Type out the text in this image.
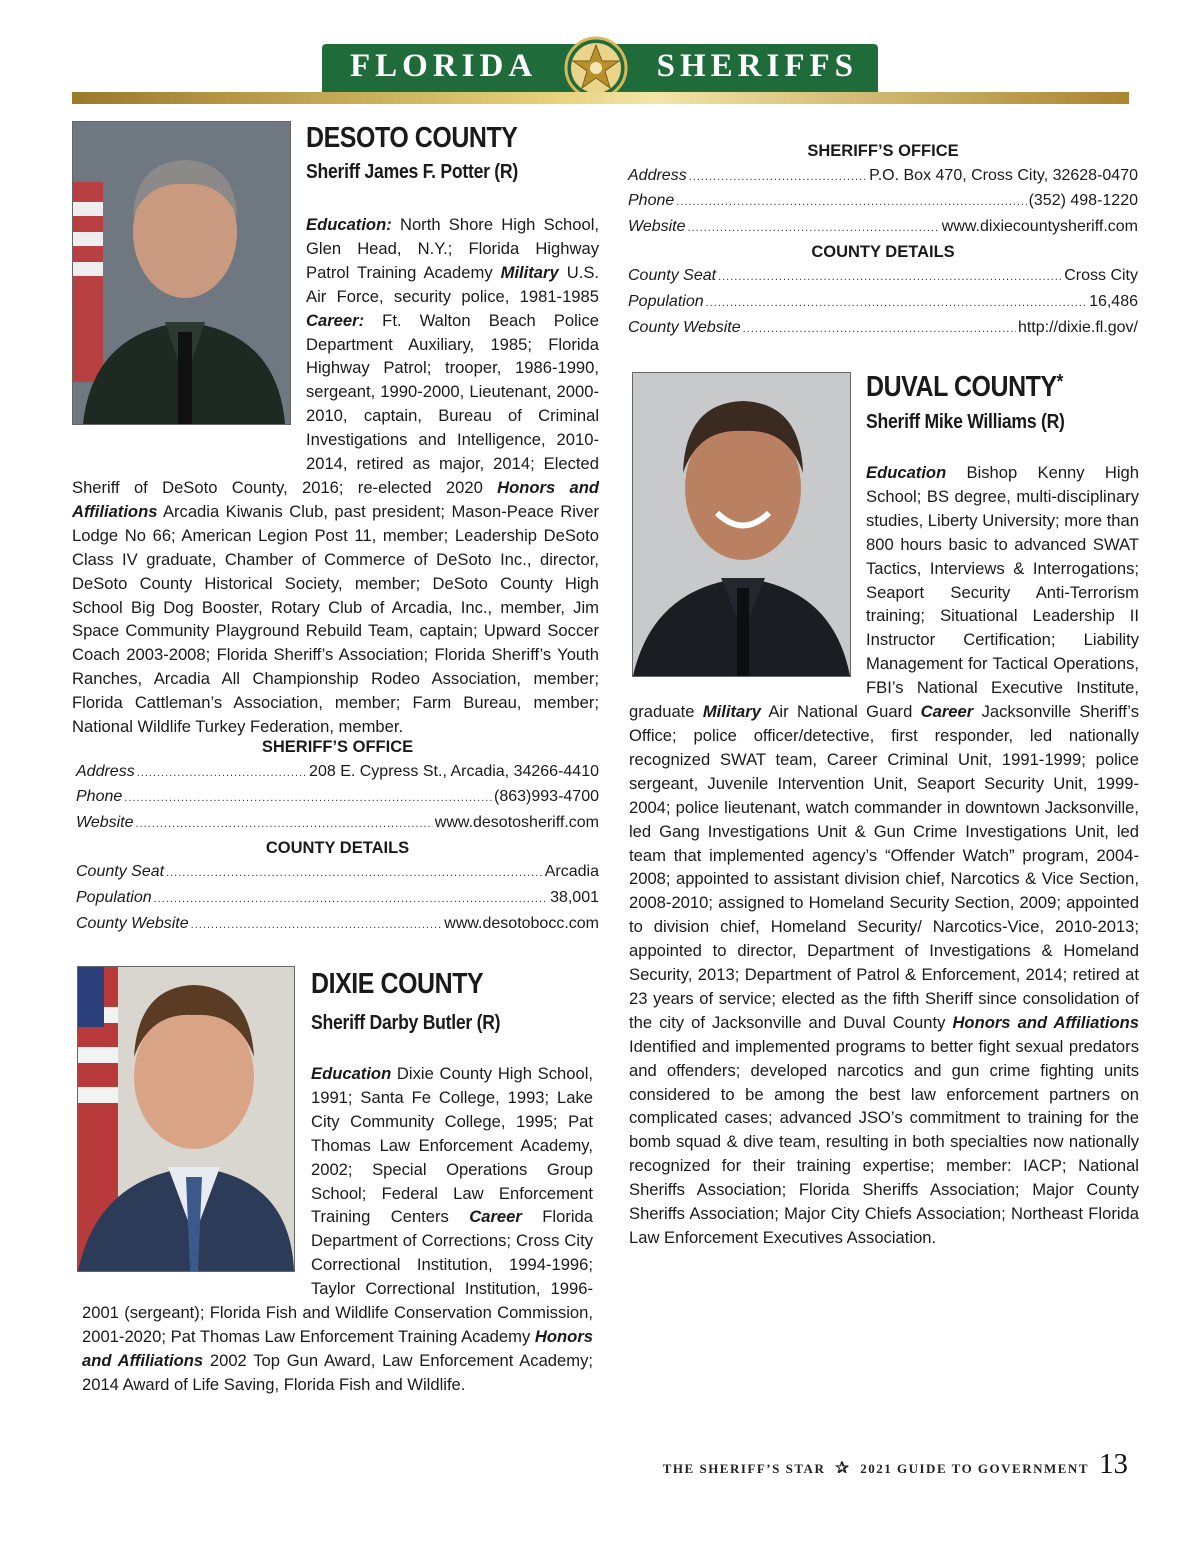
FLORIDA	SHERIFFS
DESOTO COUNTY
Sheriff James F. Potter (R)
Education: North Shore High School, Glen Head, N.Y.; Florida Highway Patrol Training Academy Military U.S. Air Force, security police, 1981-1985 Career: Ft. Walton Beach Police Department Auxiliary, 1985; Florida Highway Patrol; trooper, 1986-1990, sergeant, 1990-2000, Lieutenant, 2000-2010, captain, Bureau of Criminal Investigations and Intelligence, 2010-2014, retired as major, 2014; Elected Sheriff of DeSoto County, 2016; re-elected 2020 Honors and Affiliations Arcadia Kiwanis Club, past president; Mason-Peace River Lodge No 66; American Legion Post 11, member; Leadership DeSoto Class IV graduate, Chamber of Commerce of DeSoto Inc., director, DeSoto County Historical Society, member; DeSoto County High School Big Dog Booster, Rotary Club of Arcadia, Inc., member, Jim Space Community Playground Rebuild Team, captain; Upward Soccer Coach 2003-2008; Florida Sheriff’s Association; Florida Sheriff’s Youth Ranches, Arcadia All Championship Rodeo Association, member; Florida Cattleman’s Association, member; Farm Bureau, member; National Wildlife Turkey Federation, member.
SHERIFF’S OFFICE
Address .....	208 E. Cypress St., Arcadia, 34266-4410
Phone .....	(863)993-4700
Website .....	www.desotosheriff.com
COUNTY DETAILS
County Seat .....	Arcadia
Population .....	38,001
County Website .....	www.desotobocc.com
DIXIE COUNTY
Sheriff Darby Butler (R)
Education Dixie County High School, 1991; Santa Fe College, 1993; Lake City Community College, 1995; Pat Thomas Law Enforcement Academy, 2002; Special Operations Group School; Federal Law Enforcement Training Centers Career Florida Department of Corrections; Cross City Correctional Institution, 1994-1996; Taylor Correctional Institution, 1996-2001 (sergeant); Florida Fish and Wildlife Conservation Commission, 2001-2020; Pat Thomas Law Enforcement Training Academy Honors and Affiliations 2002 Top Gun Award, Law Enforcement Academy; 2014 Award of Life Saving, Florida Fish and Wildlife.
SHERIFF’S OFFICE
Address .....	P.O. Box 470, Cross City, 32628-0470
Phone .....	(352) 498-1220
Website .....	www.dixiecountysheriff.com
COUNTY DETAILS
County Seat .....	Cross City
Population .....	16,486
County Website .....	http://dixie.fl.gov/
DUVAL COUNTY*
Sheriff Mike Williams (R)
Education Bishop Kenny High School; BS degree, multi-disciplinary studies, Liberty University; more than 800 hours basic to advanced SWAT Tactics, Interviews & Interrogations; Seaport Security Anti-Terrorism training; Situational Leadership II Instructor Certification; Liability Management for Tactical Operations, FBI’s National Executive Institute, graduate Military Air National Guard Career Jacksonville Sheriff’s Office; police officer/detective, first responder, led nationally recognized SWAT team, Career Criminal Unit, 1991-1999; police sergeant, Juvenile Intervention Unit, Seaport Security Unit, 1999-2004; police lieutenant, watch commander in downtown Jacksonville, led Gang Investigations Unit & Gun Crime Investigations Unit, led team that implemented agency’s “Offender Watch” program, 2004-2008; appointed to assistant division chief, Narcotics & Vice Section, 2008-2010; assigned to Homeland Security Section, 2009; appointed to division chief, Homeland Security/ Narcotics-Vice, 2010-2013; appointed to director, Department of Investigations & Homeland Security, 2013; Department of Patrol & Enforcement, 2014; retired at 23 years of service; elected as the fifth Sheriff since consolidation of the city of Jacksonville and Duval County Honors and Affiliations Identified and implemented programs to better fight sexual predators and offenders; developed narcotics and gun crime fighting units considered to be among the best law enforcement partners on complicated cases; advanced JSO’s commitment to training for the bomb squad & dive team, resulting in both specialties now nationally recognized for their training expertise; member: IACP; National Sheriffs Association; Florida Sheriffs Association; Major County Sheriffs Association; Major City Chiefs Association; Northeast Florida Law Enforcement Executives Association.
THE SHERIFF’S STAR ✰ 2021 GUIDE TO GOVERNMENT 13
